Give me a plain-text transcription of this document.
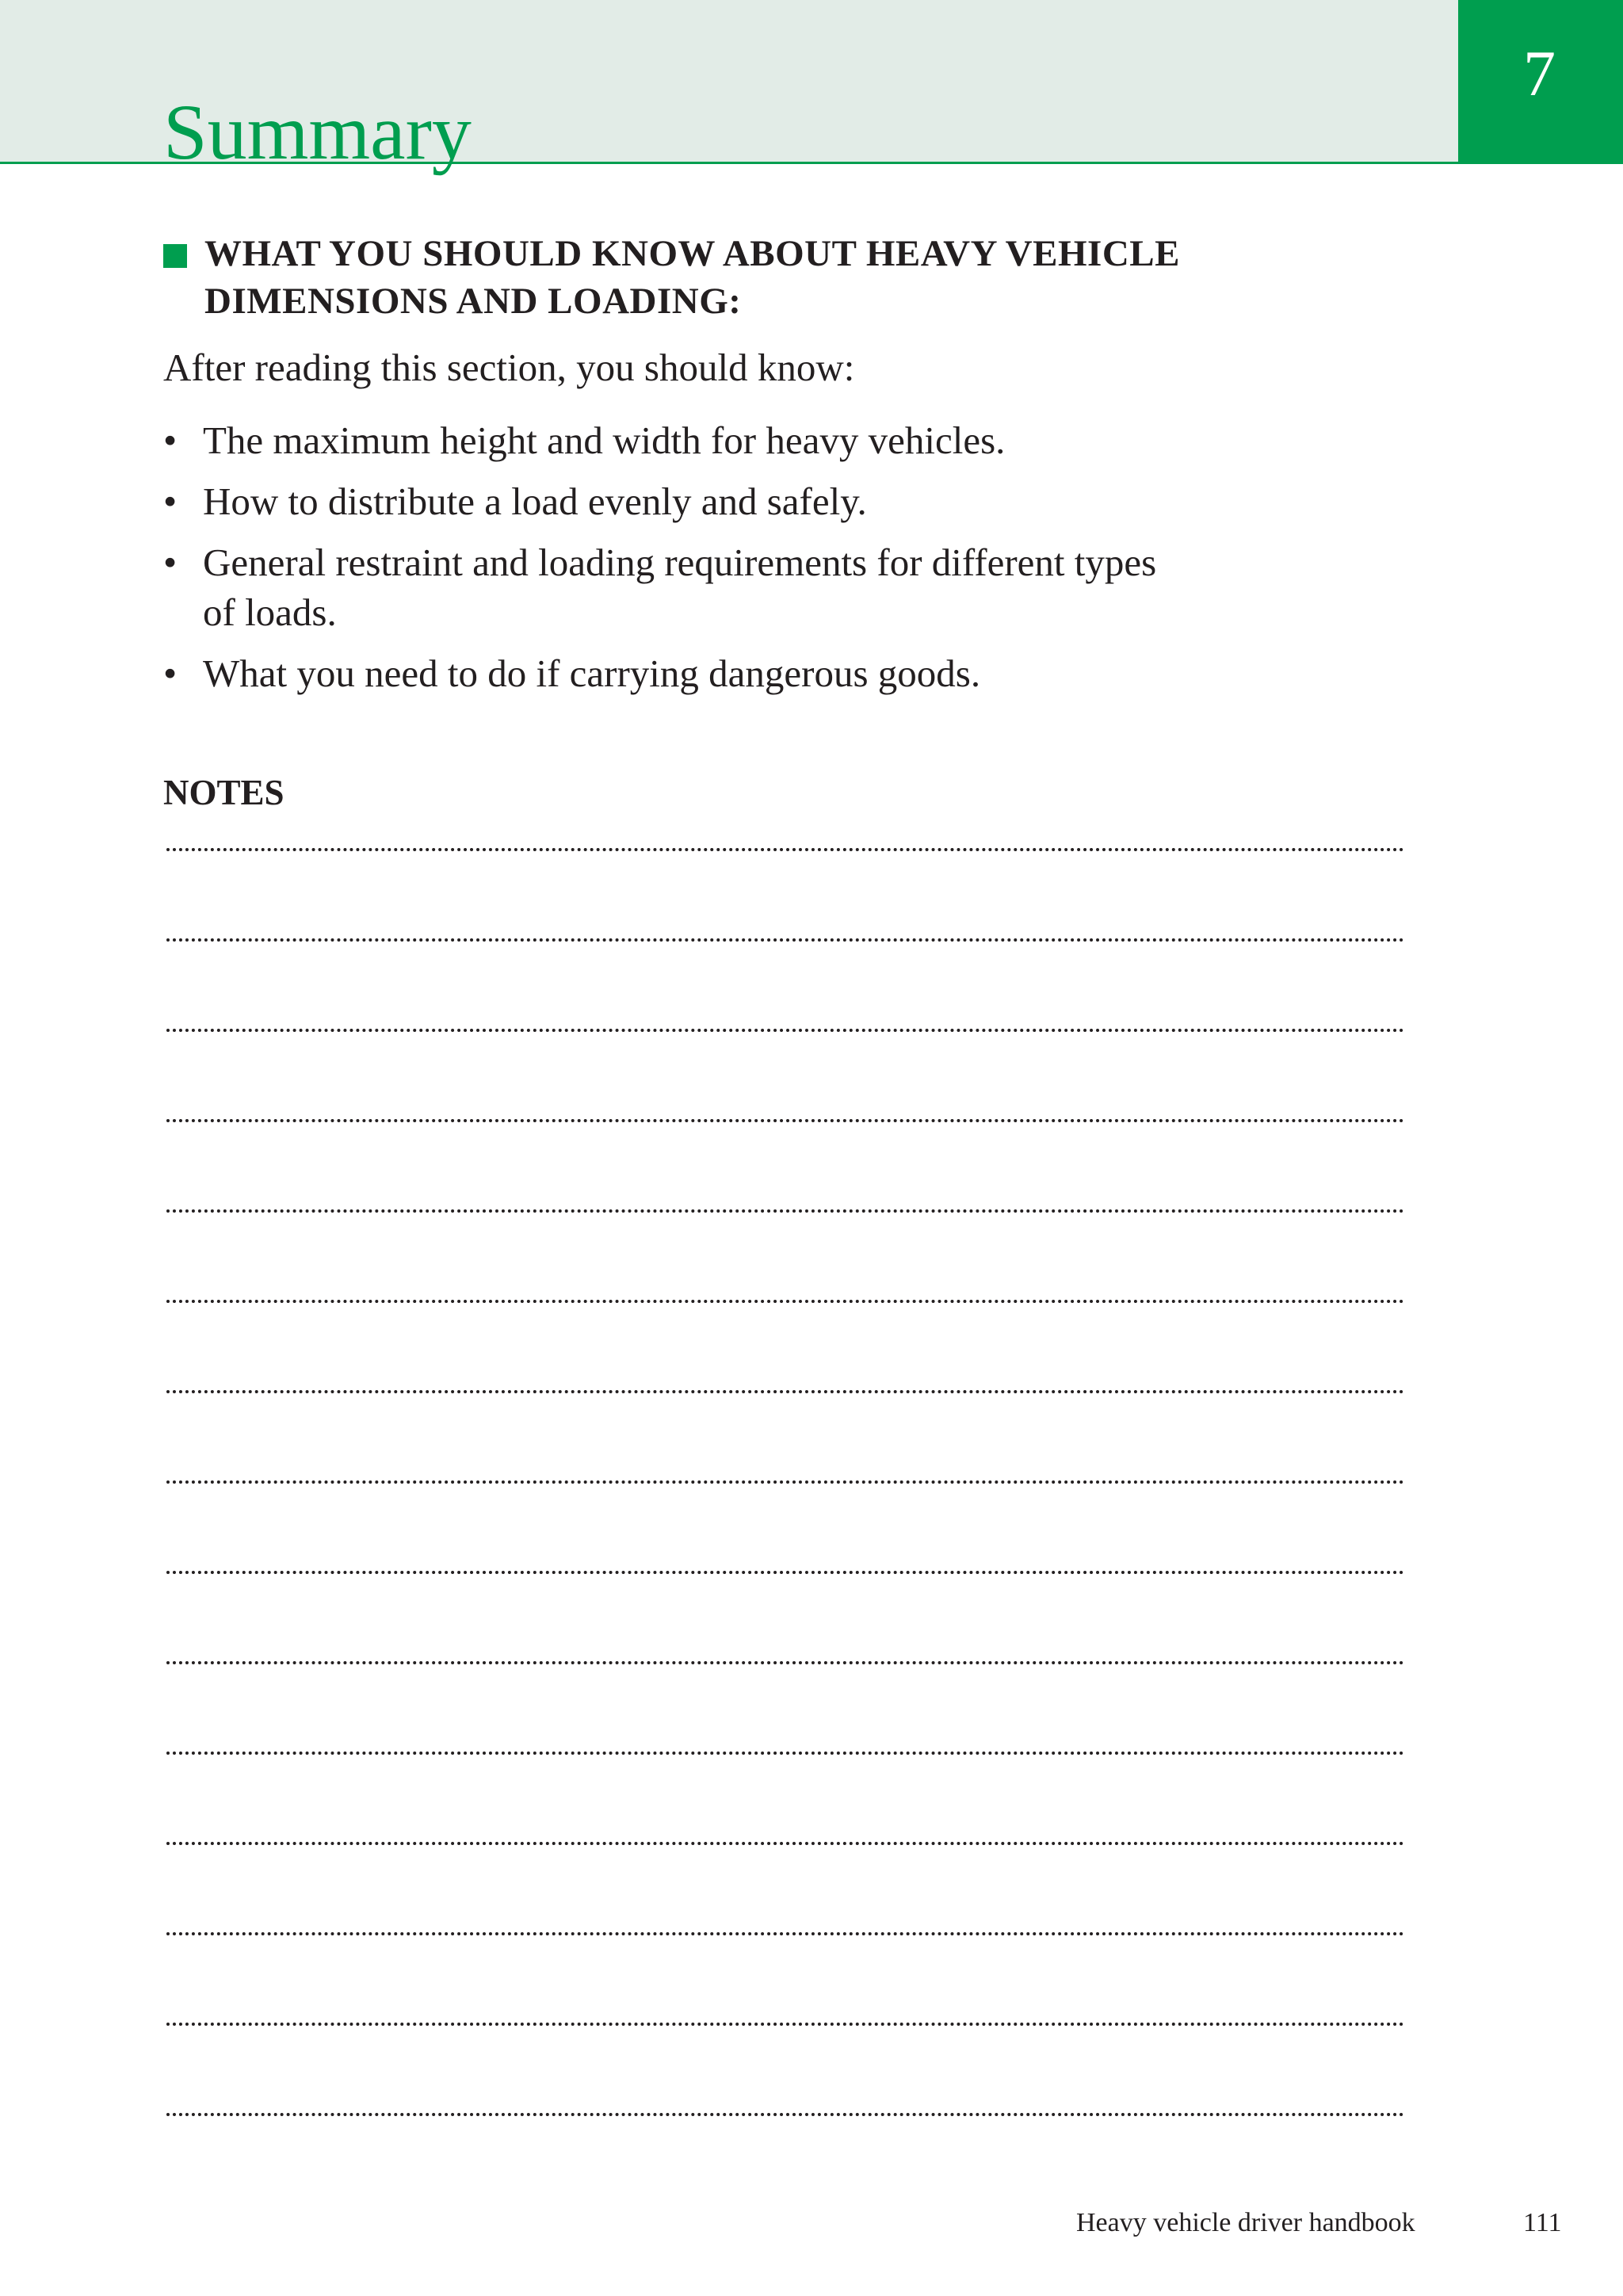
7
Summary
WHAT YOU SHOULD KNOW ABOUT HEAVY VEHICLE
DIMENSIONS AND LOADING:
After reading this section, you should know:
• The maximum height and width for heavy vehicles.
• How to distribute a load evenly and safely.
• General restraint and loading requirements for different types of loads.
• What you need to do if carrying dangerous goods.
NOTES
Heavy vehicle driver handbook	111
